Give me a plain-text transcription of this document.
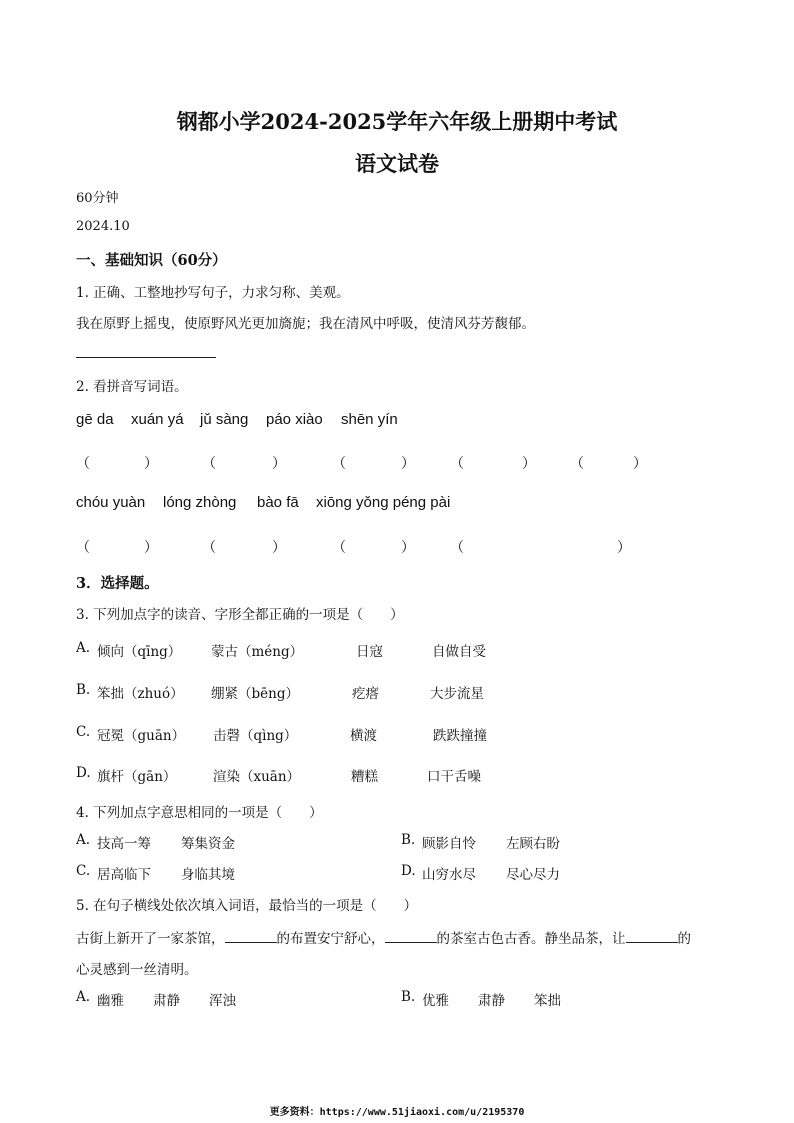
钢都小学2024-2025学年六年级上册期中考试
语文试卷
60分钟
2024.10
一、基础知识（60分）
1. 正确、工整地抄写句子，力求匀称、美观。
我在原野上摇曳，使原野风光更加旖旎；我在清风中呼吸，使清风芬芳馥郁。
2. 看拼音写词语。
gē da xuán yá jǔ sàng páo xiào shēn yín
（	）	（	）	（	）	（	） （	）
chóu yuàn lóng zhòng bào fā xiōng yǒng péng pài
（	）	（	）	（	）	（	）
3．选择题。
3. 下列加点字的读音、字形全都正确的一项是（　　）
A. 倾向（qīng） 蒙古（méng）	日寇	自做自受
B. 笨拙（zhuó） 绷紧（bēng）	疙瘩	大步流星
C. 冠冕（guān） 击磬（qìng）	横渡	跌跌撞撞
D. 旗杆（gān）	渲染（xuān）	糟糕	口干舌噪
4. 下列加点字意思相同的一项是（　　）
A. 技高一筹 筹集资金	B. 顾影自怜 左顾右盼
C. 居高临下 身临其境	D. 山穷水尽 尽心尽力
5. 在句子横线处依次填入词语，最恰当的一项是（　　）
古街上新开了一家茶馆，	的布置安宁舒心，	的茶室古色古香。静坐品茶，让	的
心灵感到一丝清明。
A. 幽雅 肃静 浑浊	B. 优雅 肃静 笨拙
更多资料：https://www.51jiaoxi.com/u/2195370
